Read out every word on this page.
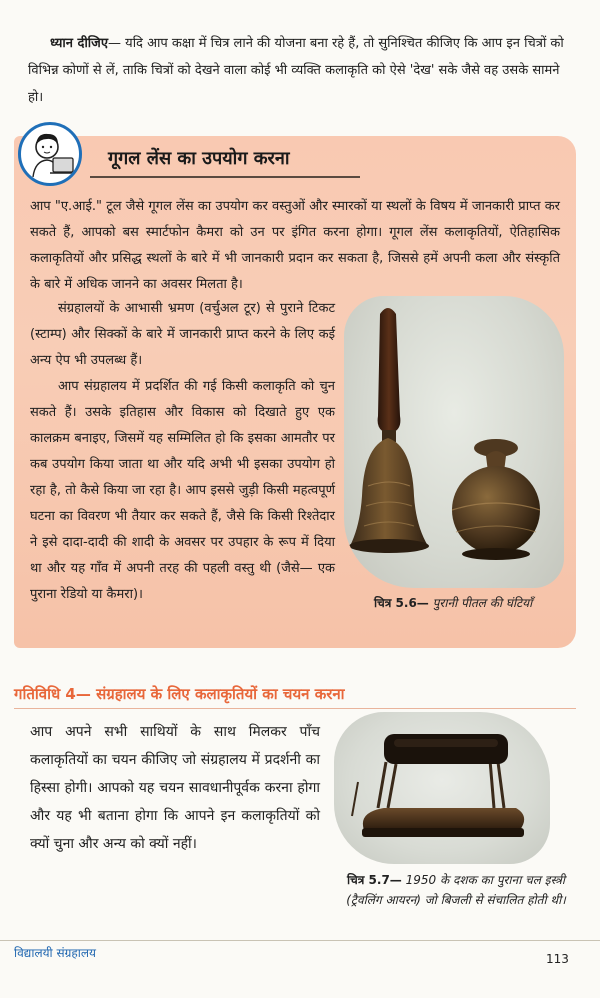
ध्यान दीजिए— यदि आप कक्षा में चित्र लाने की योजना बना रहे हैं, तो सुनिश्चित कीजिए कि आप इन चित्रों को विभिन्न कोणों से लें, ताकि चित्रों को देखने वाला कोई भी व्यक्ति कलाकृति को ऐसे 'देख' सके जैसे वह उसके सामने हो।

गूगल लेंस का उपयोग करना

आप "ए.आई." टूल जैसे गूगल लेंस का उपयोग कर वस्तुओं और स्मारकों या स्थलों के विषय में जानकारी प्राप्त कर सकते हैं, आपको बस स्मार्टफोन कैमरा को उन पर इंगित करना होगा। गूगल लेंस कलाकृतियों, ऐतिहासिक कलाकृतियों और प्रसिद्ध स्थलों के बारे में भी जानकारी प्रदान कर सकता है, जिससे हमें अपनी कला और संस्कृति के बारे में अधिक जानने का अवसर मिलता है।

संग्रहालयों के आभासी भ्रमण (वर्चुअल टूर) से पुराने टिकट (स्टाम्प) और सिक्कों के बारे में जानकारी प्राप्त करने के लिए कई अन्य ऐप भी उपलब्ध हैं।

आप संग्रहालय में प्रदर्शित की गई किसी कलाकृति को चुन सकते हैं। उसके इतिहास और विकास को दिखाते हुए एक कालक्रम बनाइए, जिसमें यह सम्मिलित हो कि इसका आमतौर पर कब उपयोग किया जाता था और यदि अभी भी इसका उपयोग हो रहा है, तो कैसे किया जा रहा है। आप इससे जुड़ी किसी महत्वपूर्ण घटना का विवरण भी तैयार कर सकते हैं, जैसे कि किसी रिश्तेदार ने इसे दादा-दादी की शादी के अवसर पर उपहार के रूप में दिया था और यह गाँव में अपनी तरह की पहली वस्तु थी (जैसे— एक पुराना रेडियो या कैमरा)।

चित्र 5.6— पुरानी पीतल की घंटियाँ
गतिविधि 4— संग्रहालय के लिए कलाकृतियों का चयन करना

आप अपने सभी साथियों के साथ मिलकर पाँच कलाकृतियों का चयन कीजिए जो संग्रहालय में प्रदर्शनी का हिस्सा होगी। आपको यह चयन सावधानीपूर्वक करना होगा और यह भी बताना होगा कि आपने इन कलाकृतियों को क्यों चुना और अन्य को क्यों नहीं।

चित्र 5.7— 1950 के दशक का पुराना चल इस्त्री (ट्रैवलिंग आयरन) जो बिजली से संचालित होती थी।
विद्यालयी संग्रहालय	113
